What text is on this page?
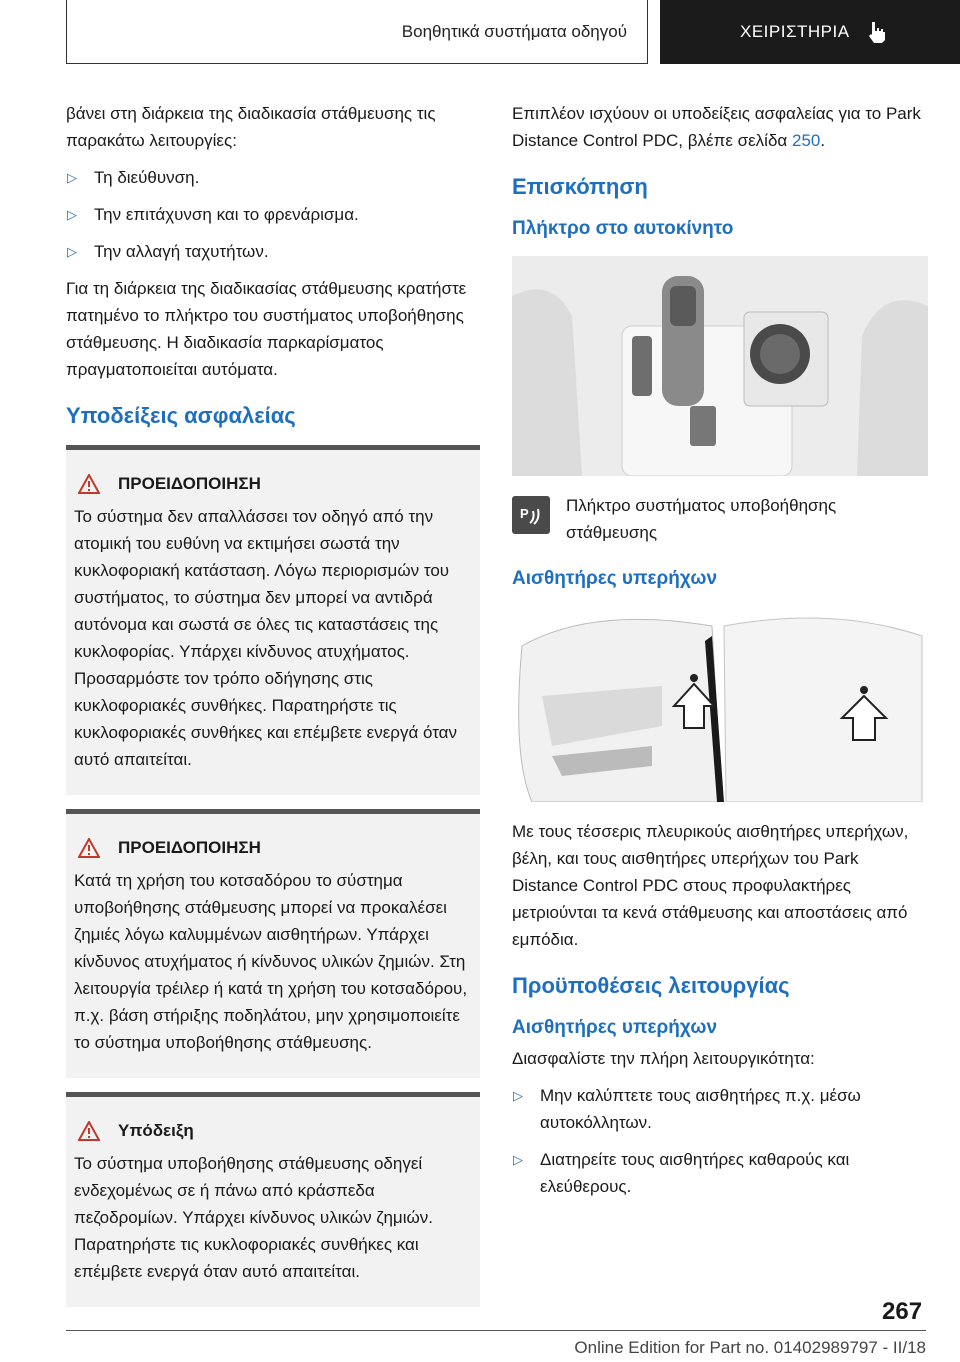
Βοηθητικά συστήματα οδηγού	ΧΕΙΡΙΣΤΗΡΙΑ

βάνει στη διάρκεια της διαδικασία στάθμευσης τις παρακάτω λειτουργίες:

▷	Τη διεύθυνση.
▷	Την επιτάχυνση και το φρενάρισμα.
▷	Την αλλαγή ταχυτήτων.

Για τη διάρκεια της διαδικασίας στάθμευσης κρατήστε πατημένο το πλήκτρο του συστήματος υποβοήθησης στάθμευσης. Η διαδικασία παρκαρίσματος πραγματοποιείται αυτόματα.

Υποδείξεις ασφαλείας
ΠΡΟΕΙΔΟΠΟΙΗΣΗ

Το σύστημα δεν απαλλάσσει τον οδηγό από την ατομική του ευθύνη να εκτιμήσει σωστά την κυκλοφοριακή κατάσταση. Λόγω περιορισμών του συστήματος, το σύστημα δεν μπορεί να αντιδρά αυτόνομα και σωστά σε όλες τις καταστάσεις της κυκλοφορίας. Υπάρχει κίνδυνος ατυχήματος. Προσαρμόστε τον τρόπο οδήγησης στις κυκλοφοριακές συνθήκες. Παρατηρήστε τις κυκλοφοριακές συνθήκες και επέμβετε ενεργά όταν αυτό απαιτείται.

ΠΡΟΕΙΔΟΠΟΙΗΣΗ

Κατά τη χρήση του κοτσαδόρου το σύστημα υποβοήθησης στάθμευσης μπορεί να προκαλέσει ζημιές λόγω καλυμμένων αισθητήρων. Υπάρχει κίνδυνος ατυχήματος ή κίνδυνος υλικών ζημιών. Στη λειτουργία τρέιλερ ή κατά τη χρήση του κοτσαδόρου, π.χ. βάση στήριξης ποδηλάτου, μην χρησιμοποιείτε το σύστημα υποβοήθησης στάθμευσης.

Υπόδειξη

Το σύστημα υποβοήθησης στάθμευσης οδηγεί ενδεχομένως σε ή πάνω από κράσπεδα πεζοδρομίων. Υπάρχει κίνδυνος υλικών ζημιών. Παρατηρήστε τις κυκλοφοριακές συνθήκες και επέμβετε ενεργά όταν αυτό απαιτείται.

Επιπλέον ισχύουν οι υποδείξεις ασφαλείας για το Park Distance Control PDC, βλέπε σελίδα 250.

Επισκόπηση
Πλήκτρο στο αυτοκίνητο
P Πλήκτρο συστήματος υποβοήθησης στάθμευσης
Αισθητήρες υπερήχων

Με τους τέσσερις πλευρικούς αισθητήρες υπερήχων, βέλη, και τους αισθητήρες υπερήχων του Park Distance Control PDC στους προφυλακτήρες μετριούνται τα κενά στάθμευσης και αποστάσεις από εμπόδια.

Προϋποθέσεις λειτουργίας
Αισθητήρες υπερήχων

Διασφαλίστε την πλήρη λειτουργικότητα:

▷	Μην καλύπτετε τους αισθητήρες π.χ. μέσω αυτοκόλλητων.
▷	Διατηρείτε τους αισθητήρες καθαρούς και ελεύθερους.
267
Online Edition for Part no. 01402989797 - II/18
